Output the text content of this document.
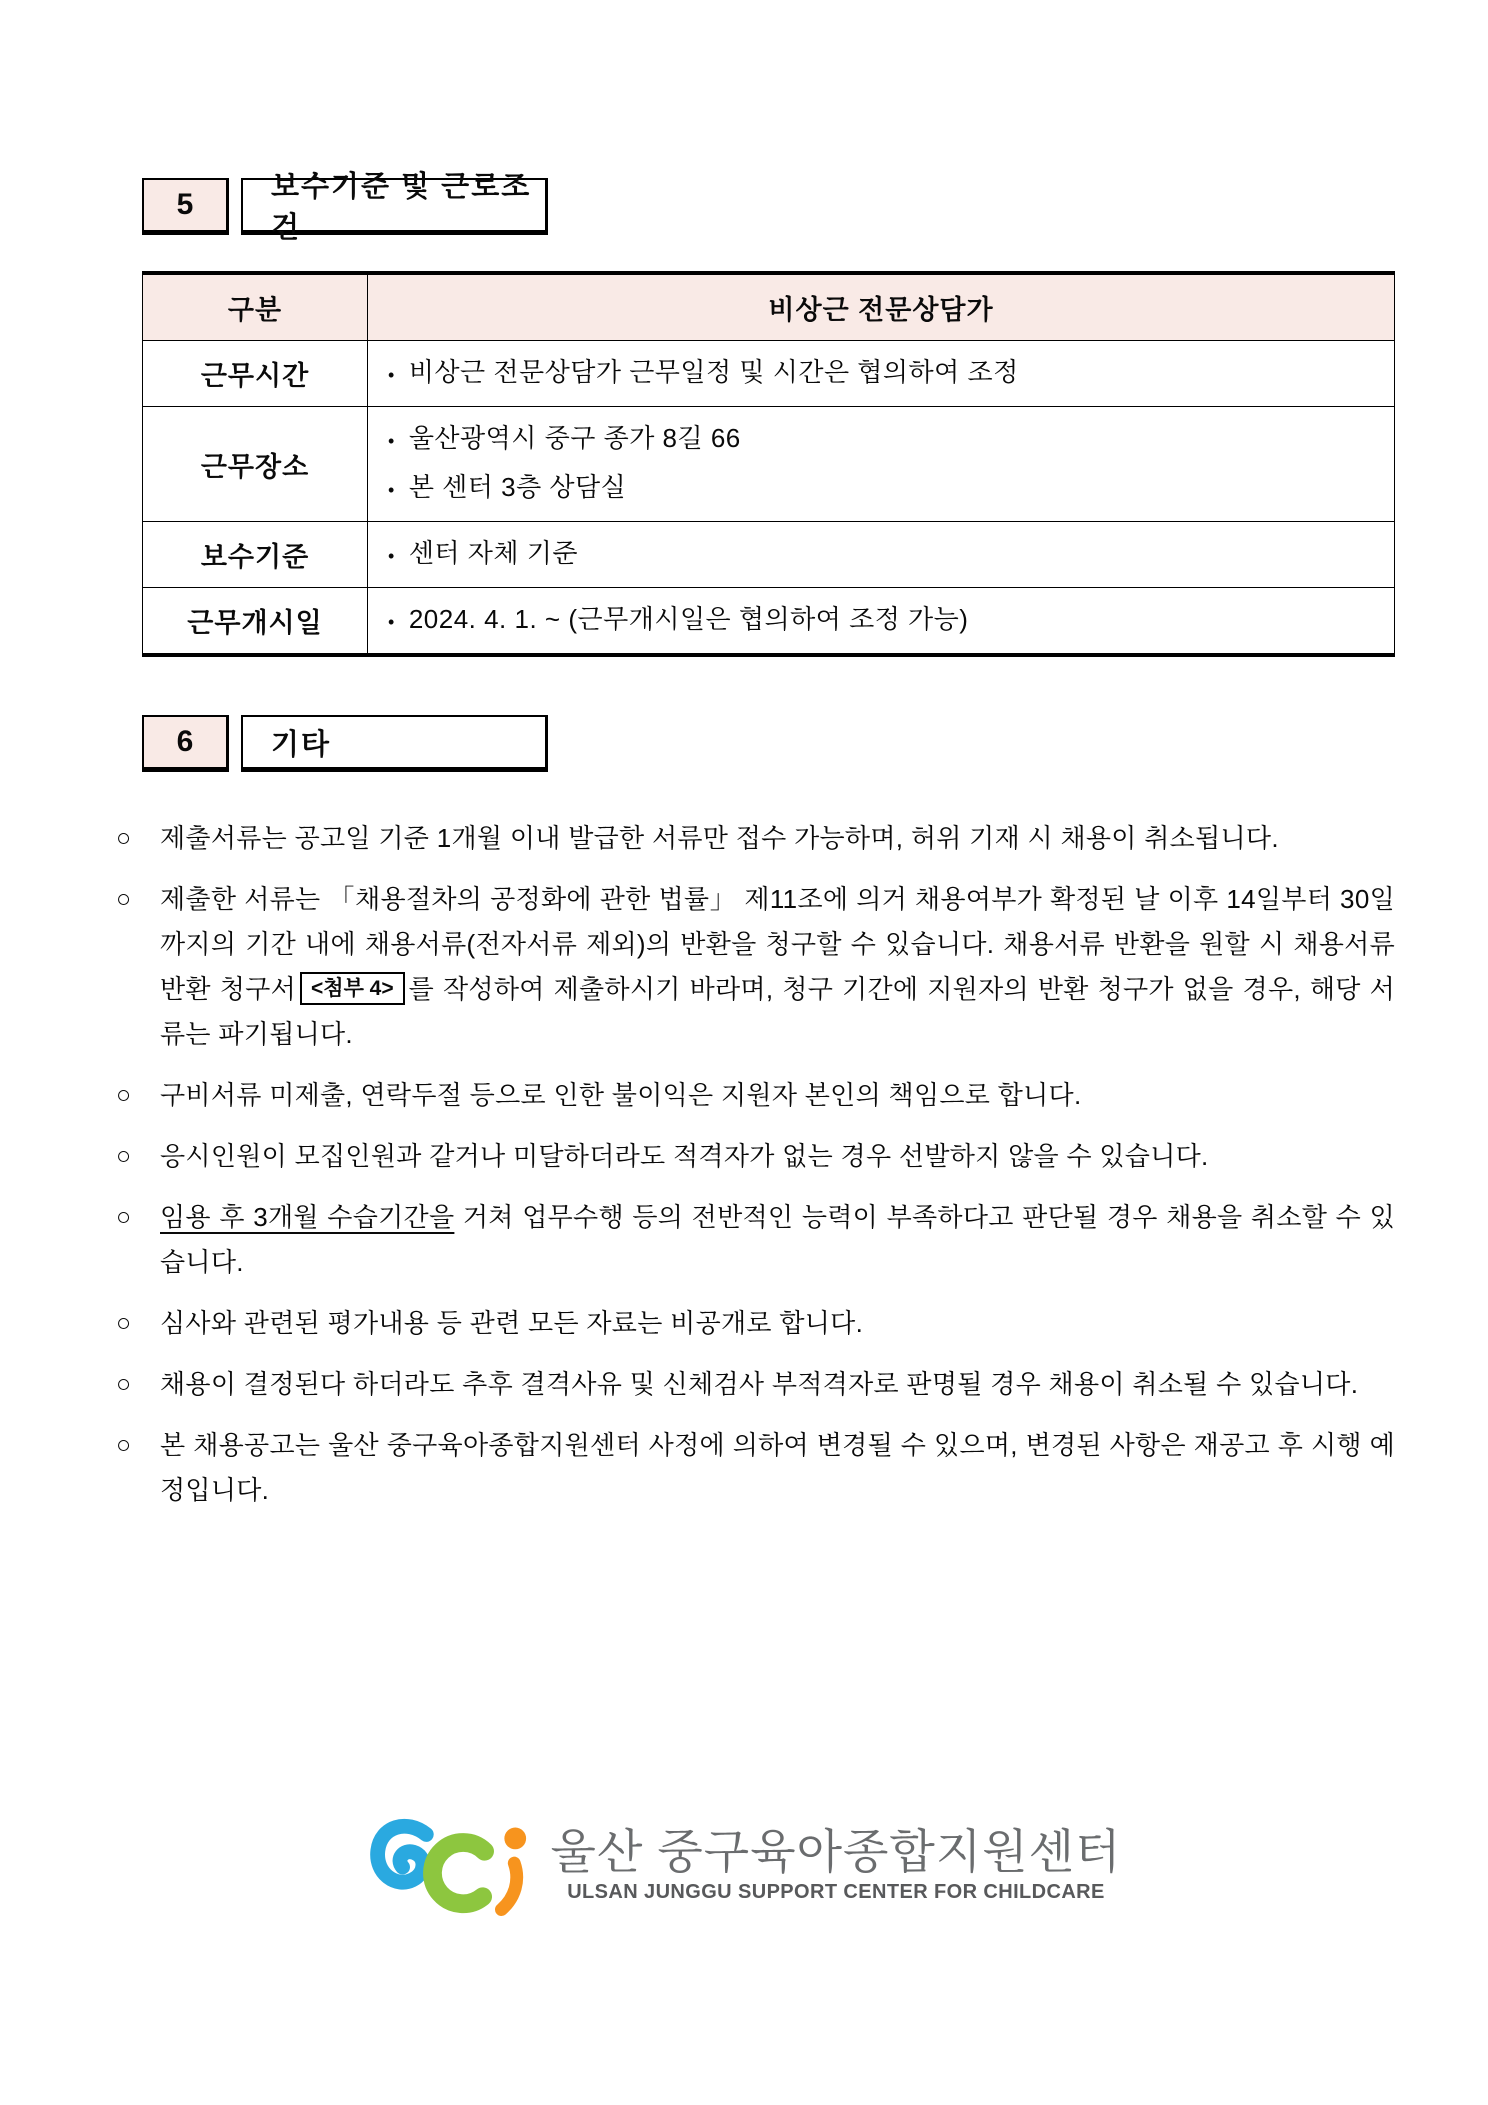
5
보수기준 및 근로조건
구분	비상근 전문상담가
근무시간	• 비상근 전문상담가 근무일정 및 시간은 협의하여 조정

근무장소	• 울산광역시 중구 종가 8길 66
• 본 센터 3층 상담실

보수기준	• 센터 자체 기준

근무개시일	• 2024. 4. 1. ~ (근무개시일은 협의하여 조정 가능)
6	기타
○	제출서류는 공고일 기준 1개월 이내 발급한 서류만 접수 가능하며, 허위 기재 시 채용이 취소됩니다.
○	제출한 서류는 「채용절차의 공정화에 관한 법률」 제11조에 의거 채용여부가 확정된 날 이후 14일부터 30일까지의 기간 내에 채용서류(전자서류 제외)의 반환을 청구할 수 있습니다. 채용서류 반환을 원할 시 채용서류 반환 청구서 <첨부 4> 를 작성하여 제출하시기 바라며, 청구 기간에 지원자의 반환 청구가 없을 경우, 해당 서류는 파기됩니다.
○	구비서류 미제출, 연락두절 등으로 인한 불이익은 지원자 본인의 책임으로 합니다.
○	응시인원이 모집인원과 같거나 미달하더라도 적격자가 없는 경우 선발하지 않을 수 있습니다.
○	임용 후 3개월 수습기간을 거쳐 업무수행 등의 전반적인 능력이 부족하다고 판단될 경우 채용을 취소할 수 있습니다.
○	심사와 관련된 평가내용 등 관련 모든 자료는 비공개로 합니다.
○	채용이 결정된다 하더라도 추후 결격사유 및 신체검사 부적격자로 판명될 경우 채용이 취소될 수 있습니다.
○	본 채용공고는 울산 중구육아종합지원센터 사정에 의하여 변경될 수 있으며, 변경된 사항은 재공고 후 시행 예정입니다.
울산 중구육아종합지원센터
ULSAN JUNGGU SUPPORT CENTER FOR CHILDCARE
